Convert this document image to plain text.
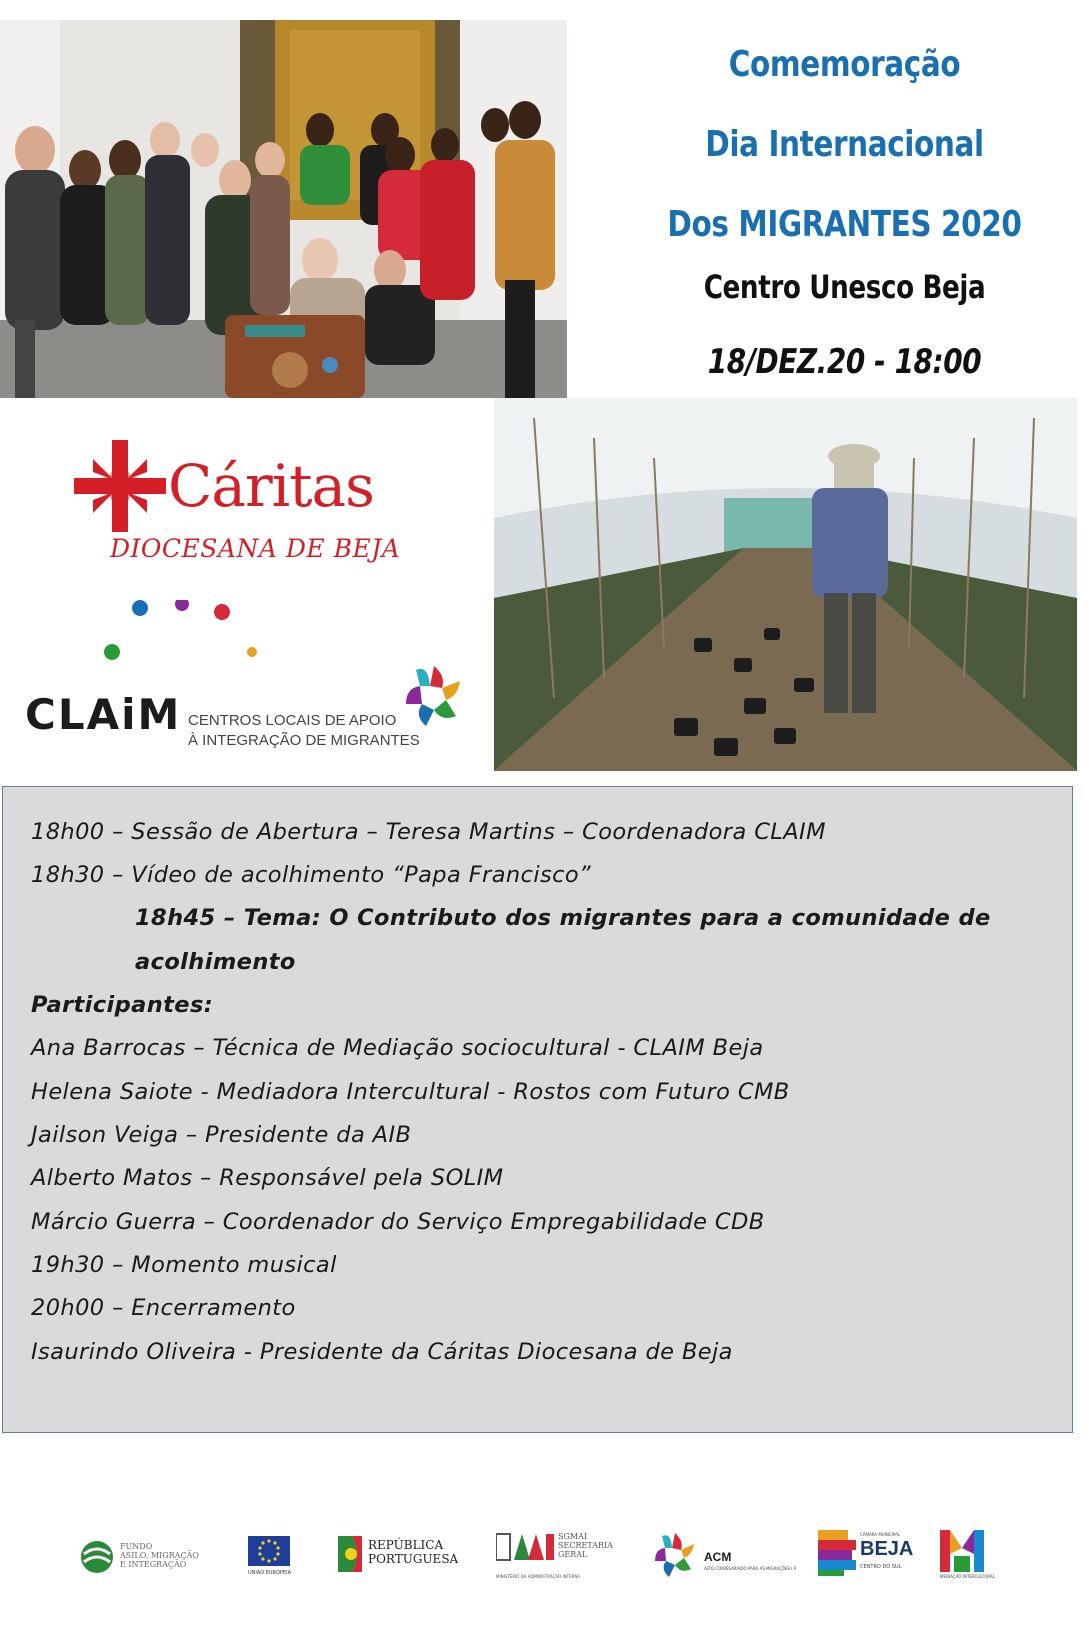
Comemoração
Dia Internacional
Dos MIGRANTES 2020
Centro Unesco Beja
18/DEZ.20 - 18:00
Cáritas
DIOCESANA DE BEJA
CLAiM CENTROS LOCAIS DE APOIO
À INTEGRAÇÃO DE MIGRANTES
18h00 – Sessão de Abertura – Teresa Martins – Coordenadora CLAIM
18h30 – Vídeo de acolhimento “Papa Francisco”
18h45 – Tema: O Contributo dos migrantes para a comunidade de
acolhimento
Participantes:
Ana Barrocas – Técnica de Mediação sociocultural - CLAIM Beja
Helena Saiote - Mediadora Intercultural - Rostos com Futuro CMB
Jailson Veiga – Presidente da AIB
Alberto Matos – Responsável pela SOLIM
Márcio Guerra – Coordenador do Serviço Empregabilidade CDB
19h30 – Momento musical
20h00 – Encerramento
Isaurindo Oliveira - Presidente da Cáritas Diocesana de Beja
FUNDO
ASILO, MIGRAÇÃO
E INTEGRAÇÃO
UNIÃO EUROPEIA
REPÚBLICA
PORTUGUESA
SGMAI
SECRETARIA
GERAL
MINISTÉRIO DA ADMINISTRAÇÃO INTERNA
ACM
ALTO COMISSARIADO PARA AS MIGRAÇÕES I.P.
CÂMARA MUNICIPAL
BEJA
CENTRO DO SUL
MEDIAÇÃO INTERCULTURAL
